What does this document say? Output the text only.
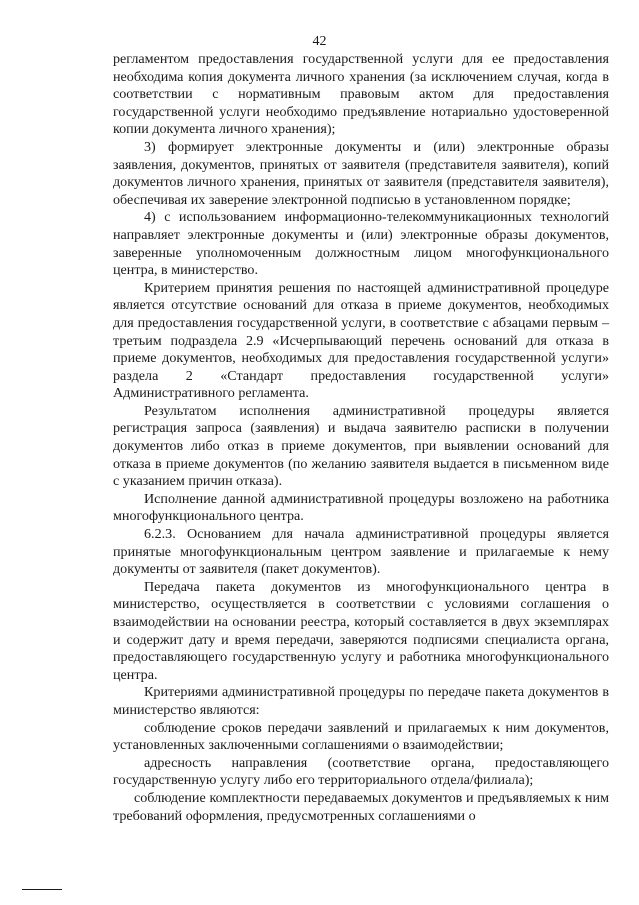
42

регламентом предоставления государственной услуги для ее предоставления необходима копия документа личного хранения (за исключением случая, когда в соответствии с нормативным правовым актом для предоставления государственной услуги необходимо предъявление нотариально удостоверенной копии документа личного хранения);

3) формирует электронные документы и (или) электронные образы заявления, документов, принятых от заявителя (представителя заявителя), копий документов личного хранения, принятых от заявителя (представителя заявителя), обеспечивая их заверение электронной подписью в установленном порядке;

4) с использованием информационно-телекоммуникационных технологий направляет электронные документы и (или) электронные образы документов, заверенные уполномоченным должностным лицом многофункционального центра, в министерство.

Критерием принятия решения по настоящей административной процедуре является отсутствие оснований для отказа в приеме документов, необходимых для предоставления государственной услуги, в соответствие с абзацами первым – третьим подраздела 2.9 «Исчерпывающий перечень оснований для отказа в приеме документов, необходимых для предоставления государственной услуги» раздела 2 «Стандарт предоставления государственной услуги» Административного регламента.

Результатом исполнения административной процедуры является регистрация запроса (заявления) и выдача заявителю расписки в получении документов либо отказ в приеме документов, при выявлении оснований для отказа в приеме документов (по желанию заявителя выдается в письменном виде с указанием причин отказа).

Исполнение данной административной процедуры возложено на работника многофункционального центра.

6.2.3. Основанием для начала административной процедуры является принятые многофункциональным центром заявление и прилагаемые к нему документы от заявителя (пакет документов).

Передача пакета документов из многофункционального центра в министерство, осуществляется в соответствии с условиями соглашения о взаимодействии на основании реестра, который составляется в двух экземплярах и содержит дату и время передачи, заверяются подписями специалиста органа, предоставляющего государственную услугу и работника многофункционального центра.

Критериями административной процедуры по передаче пакета документов в министерство являются:

соблюдение сроков передачи заявлений и прилагаемых к ним документов, установленных заключенными соглашениями о взаимодействии;

адресность направления (соответствие органа, предоставляющего государственную услугу либо его территориального отдела/филиала);

соблюдение комплектности передаваемых документов и предъявляемых к ним требований оформления, предусмотренных соглашениями о
